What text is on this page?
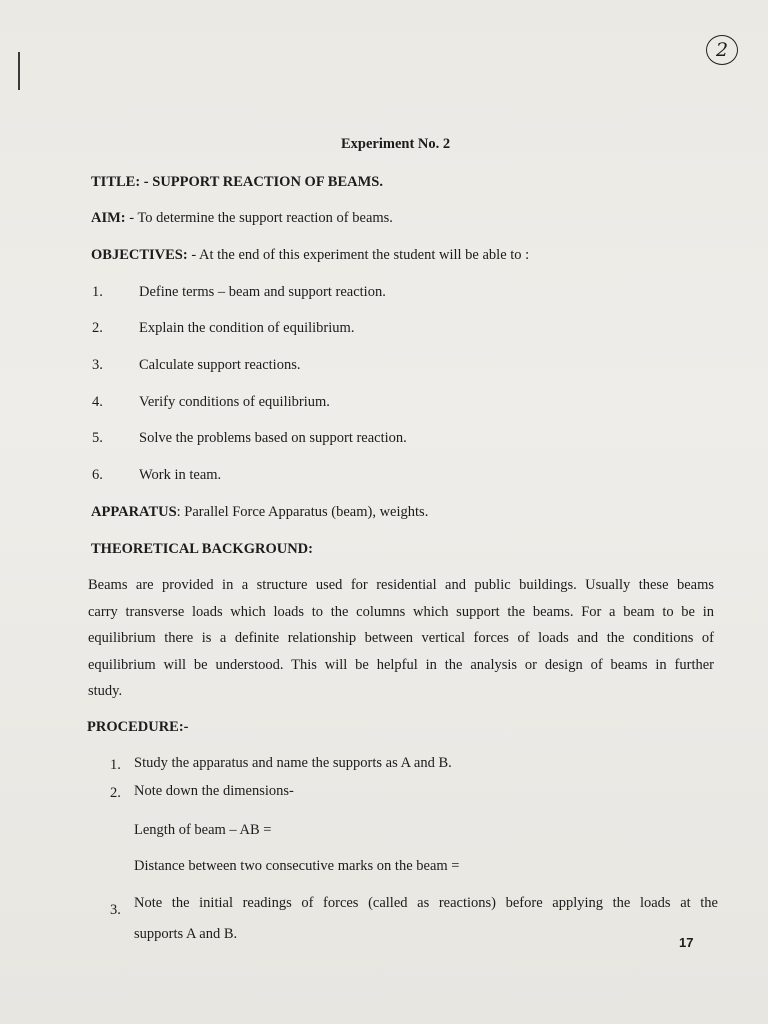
2
Experiment No. 2
TITLE: - SUPPORT REACTION OF BEAMS.
AIM: - To determine the support reaction of beams.
OBJECTIVES: - At the end of this experiment the student will be able to :
1. Define terms – beam and support reaction.
2. Explain the condition of equilibrium.
3. Calculate support reactions.
4. Verify conditions of equilibrium.
5. Solve the problems based on support reaction.
6. Work in team.
APPARATUS: Parallel Force Apparatus (beam), weights.
THEORETICAL BACKGROUND:
Beams are provided in a structure used for residential and public buildings. Usually these beams
carry transverse loads which loads to the columns which support the beams. For a beam to be in
equilibrium there is a definite relationship between vertical forces of loads and the conditions of
equilibrium will be understood. This will be helpful in the analysis or design of beams in further
study.
PROCEDURE:-
1. Study the apparatus and name the supports as A and B.
2. Note down the dimensions-
Length of beam – AB =
Distance between two consecutive marks on the beam =
3. Note the initial readings of forces (called as reactions) before applying the loads at the
supports A and B.
17
